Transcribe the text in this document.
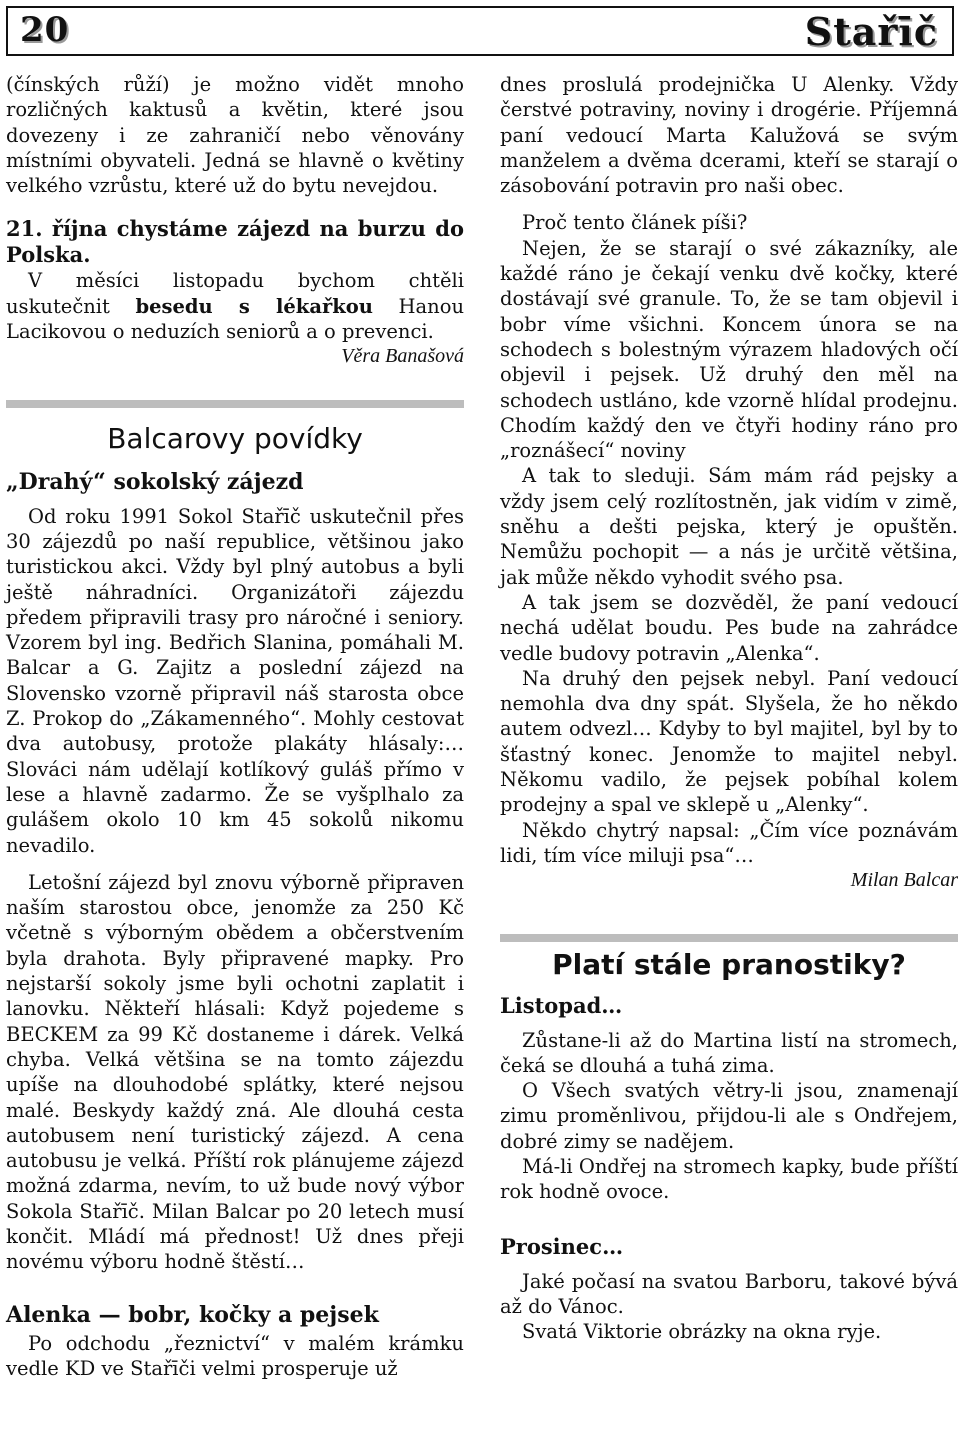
20	Stařīč

(čínských růží) je možno vidět mnoho rozličných kaktusů a květin, které jsou dovezeny i ze zahraničí nebo věnovány místními obyvateli. Jedná se hlavně o květiny velkého vzrůstu, které už do bytu nevejdou.

21. října chystáme zájezd na burzu do Polska.

V měsíci listopadu bychom chtěli uskutečnit besedu s lékařkou Hanou Lacikovou o neduzích seniorů a o prevenci.

Věra Banašová

Balcarovy povídky
„Drahý“ sokolský zájezd

Od roku 1991 Sokol Stařīč uskutečnil přes 30 zájezdů po naší republice, většinou jako turistickou akci. Vždy byl plný autobus a byli ještě náhradníci. Organizátoři zájezdu předem připravili trasy pro náročné i seniory. Vzorem byl ing. Bedřich Slanina, pomáhali M. Balcar a G. Zajitz a poslední zájezd na Slovensko vzorně připravil náš starosta obce Z. Prokop do „Zákamenného“. Mohly cestovat dva autobusy, protože plakáty hlásaly:… Slováci nám udělají kotlíkový guláš přímo v lese a hlavně zadarmo. Že se vyšplhalo za gulášem okolo 10 km 45 sokolů nikomu nevadilo.

Letošní zájezd byl znovu výborně připraven naším starostou obce, jenomže za 250 Kč včetně s výborným obědem a občerstvením byla drahota. Byly připravené mapky. Pro nejstarší sokoly jsme byli ochotni zaplatit i lanovku. Někteří hlásali: Když pojedeme s BECKEM za 99 Kč dostaneme i dárek. Velká chyba. Velká většina se na tomto zájezdu upíše na dlouhodobé splátky, které nejsou malé. Beskydy každý zná. Ale dlouhá cesta autobusem není turistický zájezd. A cena autobusu je velká. Příští rok plánujeme zájezd možná zdarma, nevím, to už bude nový výbor Sokola Stařīč. Milan Balcar po 20 letech musí končit. Mládí má přednost! Už dnes přeji novému výboru hodně štěstí…

Alenka — bobr, kočky a pejsek

Po odchodu „řeznictví“ v malém krámku vedle KD ve Stařīči velmi prosperuje už

dnes proslulá prodejnička U Alenky. Vždy čerstvé potraviny, noviny i drogérie. Příjemná paní vedoucí Marta Kalužová se svým manželem a dvěma dcerami, kteří se starají o zásobování potravin pro naši obec.

Proč tento článek píši?

Nejen, že se starají o své zákazníky, ale každé ráno je čekají venku dvě kočky, které dostávají své granule. To, že se tam objevil i bobr víme všichni. Koncem února se na schodech s bolestným výrazem hladových očí objevil i pejsek. Už druhý den měl na schodech ustláno, kde vzorně hlídal prodejnu. Chodím každý den ve čtyři hodiny ráno pro „roznášecí“ noviny

A tak to sleduji. Sám mám rád pejsky a vždy jsem celý rozlítostněn, jak vidím v zimě, sněhu a dešti pejska, který je opuštěn. Nemůžu pochopit — a nás je určitě většina, jak může někdo vyhodit svého psa.

A tak jsem se dozvěděl, že paní vedoucí nechá udělat boudu. Pes bude na zahrádce vedle budovy potravin „Alenka“.

Na druhý den pejsek nebyl. Paní vedoucí nemohla dva dny spát. Slyšela, že ho někdo autem odvezl… Kdyby to byl majitel, byl by to šťastný konec. Jenomže to majitel nebyl. Někomu vadilo, že pejsek pobíhal kolem prodejny a spal ve sklepě u „Alenky“.

Někdo chytrý napsal: „Čím více poznávám lidi, tím více miluji psa“…

Milan Balcar

Platí stále pranostiky?
Listopad…

Zůstane-li až do Martina listí na stromech, čeká se dlouhá a tuhá zima.

O Všech svatých větry-li jsou, znamenají zimu proměnlivou, přijdou-li ale s Ondřejem, dobré zimy se nadějem.

Má-li Ondřej na stromech kapky, bude příští rok hodně ovoce.

Prosinec…

Jaké počasí na svatou Barboru, takové bývá až do Vánoc.

Svatá Viktorie obrázky na okna ryje.
